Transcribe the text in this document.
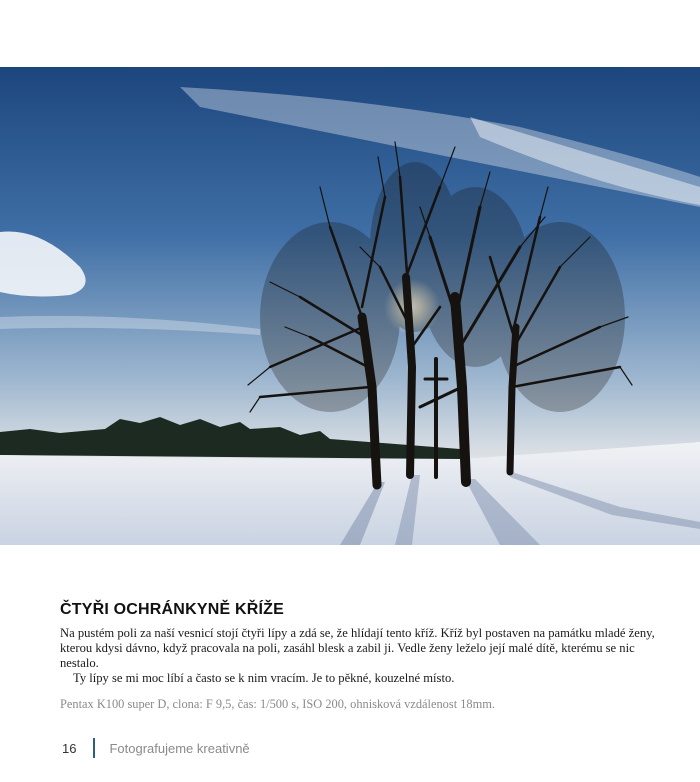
ČTYŘI OCHRÁNKYNĚ KŘÍŽE

Na pustém poli za naší vesnicí stojí čtyři lípy a zdá se, že hlídají tento kříž. Kříž byl postaven na památku mladé ženy, kterou kdysi dávno, když pracovala na poli, zasáhl blesk a zabil ji. Vedle ženy leželo její malé dítě, kterému se nic nestalo.

Ty lípy se mi moc líbí a často se k nim vracím. Je to pěkné, kouzelné místo.

Pentax K100 super D, clona: F 9,5, čas: 1/500 s, ISO 200, ohnisková vzdálenost 18mm.
16	Fotografujeme kreativně
